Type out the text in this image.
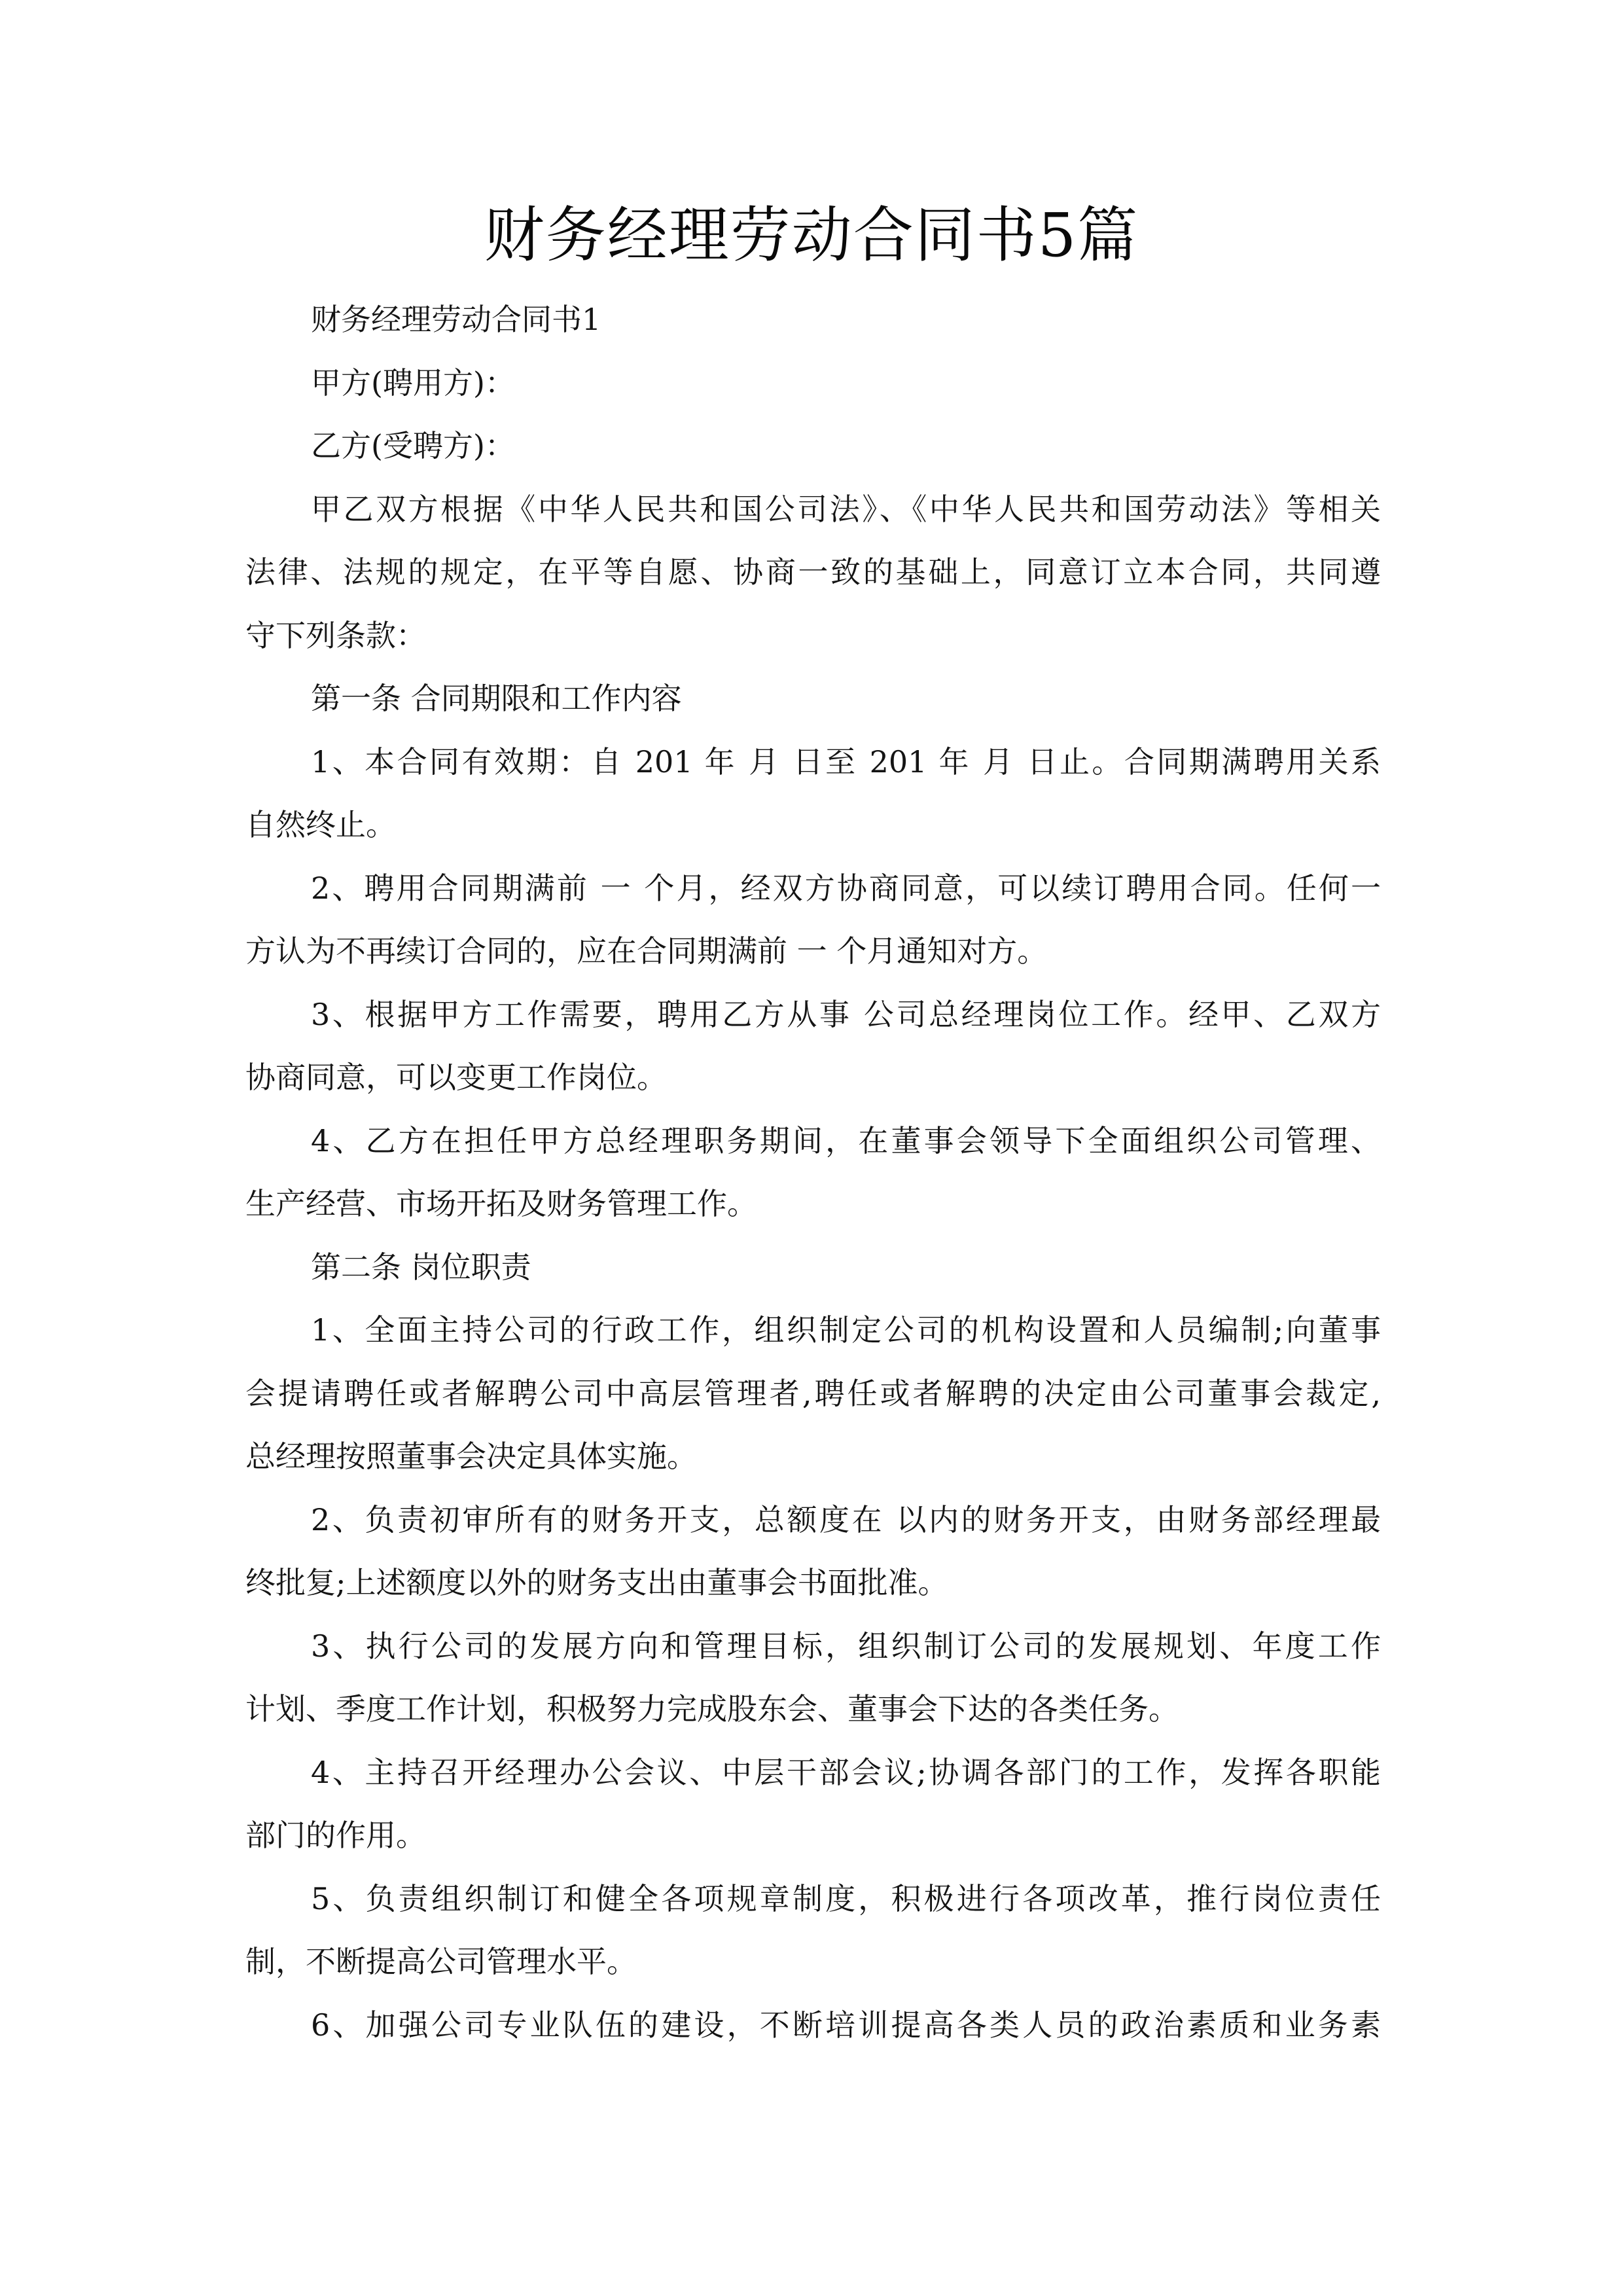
财务经理劳动合同书5篇
财务经理劳动合同书1
甲方(聘用方)：
乙方(受聘方)：
甲乙双方根据《中华人民共和国公司法》、《中华人民共和国劳动法》等相关
法律、法规的规定，在平等自愿、协商一致的基础上，同意订立本合同，共同遵
守下列条款：
第一条 合同期限和工作内容
1、本合同有效期：自 201 年 月 日至 201 年 月 日止。合同期满聘用关系
自然终止。
2、聘用合同期满前 一 个月，经双方协商同意，可以续订聘用合同。任何一
方认为不再续订合同的，应在合同期满前 一 个月通知对方。
3、根据甲方工作需要，聘用乙方从事 公司总经理岗位工作。经甲、乙双方
协商同意，可以变更工作岗位。
4、乙方在担任甲方总经理职务期间，在董事会领导下全面组织公司管理、
生产经营、市场开拓及财务管理工作。
第二条 岗位职责
1、全面主持公司的行政工作，组织制定公司的机构设置和人员编制;向董事
会提请聘任或者解聘公司中高层管理者,聘任或者解聘的决定由公司董事会裁定,
总经理按照董事会决定具体实施。
2、负责初审所有的财务开支，总额度在 以内的财务开支，由财务部经理最
终批复;上述额度以外的财务支出由董事会书面批准。
3、执行公司的发展方向和管理目标，组织制订公司的发展规划、年度工作
计划、季度工作计划，积极努力完成股东会、董事会下达的各类任务。
4、主持召开经理办公会议、中层干部会议;协调各部门的工作，发挥各职能
部门的作用。
5、负责组织制订和健全各项规章制度，积极进行各项改革，推行岗位责任
制，不断提高公司管理水平。
6、加强公司专业队伍的建设，不断培训提高各类人员的政治素质和业务素
